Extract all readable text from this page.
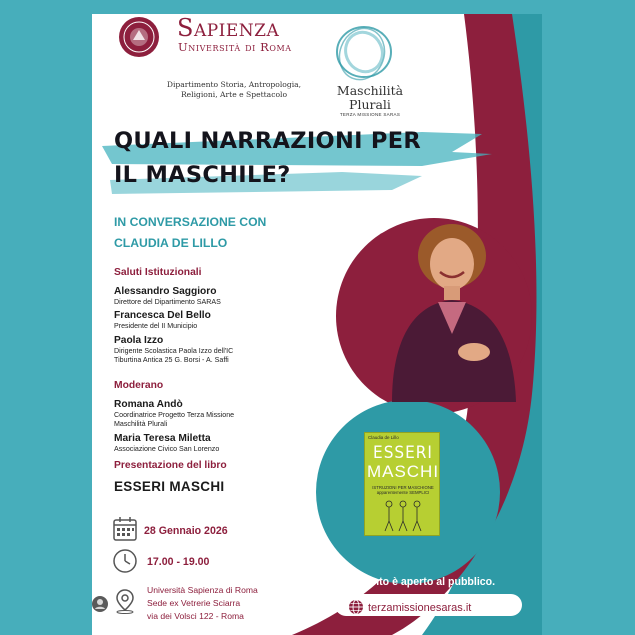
Sapienza
Università di Roma
Dipartimento Storia, Antropologia, Religioni, Arte e Spettacolo	Maschilità
Plurali
TERZA MISSIONE SARAS
QUALI NARRAZIONI PER
IL MASCHILE?
IN CONVERSAZIONE CON
CLAUDIA DE LILLO
Saluti Istituzionali
Alessandro Saggioro
Direttore del Dipartimento SARAS
Francesca Del Bello
Presidente del II Municipio
Paola Izzo
Dirigente Scolastica Paola Izzo dell'IC
Tiburtina Antica 25 G. Borsi - A. Saffi
Moderano
Romana Andò
Coordinatrice Progetto Terza Missione
Maschilità Plurali
Maria Teresa Miletta
Associazione Civico San Lorenzo
Presentazione del libro
ESSERI MASCHI
28 Gennaio 2026
17.00 - 19.00
Università Sapienza di Roma
Sede ex Vetrerie Sciarra
via dei Volsci 122 - Roma
Claudia de Lillo
ESSERI
MASCHI
ISTRUZIONI PER MASCHIONE apparentemente SEMPLICI
L'evento è aperto al pubblico.
terzamissionesaras.it
